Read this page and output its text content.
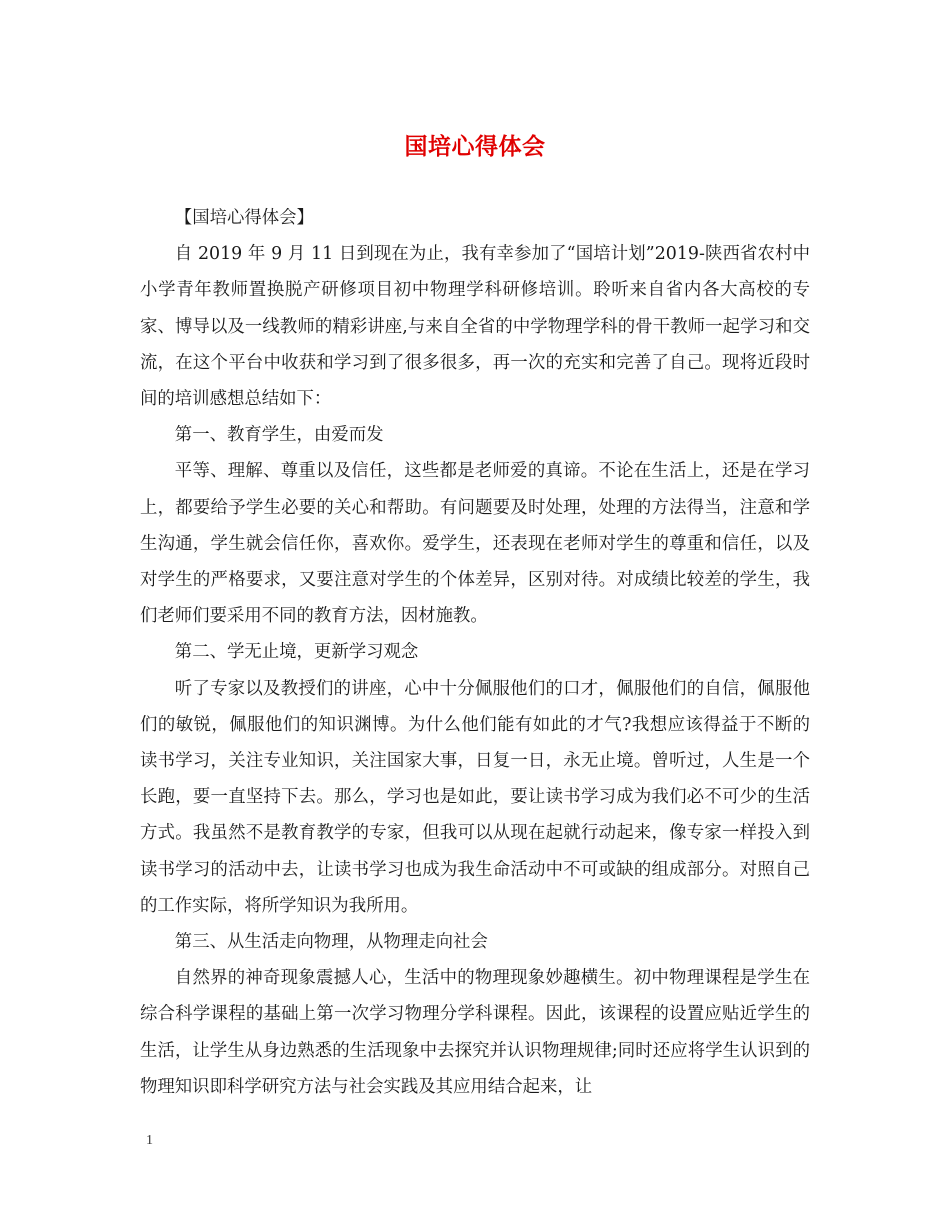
国培心得体会

【国培心得体会】

自 2019 年 9 月 11 日到现在为止，我有幸参加了“国培计划”2019-陕西省农村中小学青年教师置换脱产研修项目初中物理学科研修培训。聆听来自省内各大高校的专家、博导以及一线教师的精彩讲座,与来自全省的中学物理学科的骨干教师一起学习和交流，在这个平台中收获和学习到了很多很多，再一次的充实和完善了自己。现将近段时间的培训感想总结如下：

第一、教育学生，由爱而发

平等、理解、尊重以及信任，这些都是老师爱的真谛。不论在生活上，还是在学习上，都要给予学生必要的关心和帮助。有问题要及时处理，处理的方法得当，注意和学生沟通，学生就会信任你，喜欢你。爱学生，还表现在老师对学生的尊重和信任，以及对学生的严格要求，又要注意对学生的个体差异，区别对待。对成绩比较差的学生，我们老师们要采用不同的教育方法，因材施教。

第二、学无止境，更新学习观念

听了专家以及教授们的讲座，心中十分佩服他们的口才，佩服他们的自信，佩服他们的敏锐，佩服他们的知识渊博。为什么他们能有如此的才气?我想应该得益于不断的读书学习，关注专业知识，关注国家大事，日复一日，永无止境。曾听过，人生是一个长跑，要一直坚持下去。那么，学习也是如此，要让读书学习成为我们必不可少的生活方式。我虽然不是教育教学的专家，但我可以从现在起就行动起来，像专家一样投入到读书学习的活动中去，让读书学习也成为我生命活动中不可或缺的组成部分。对照自己的工作实际，将所学知识为我所用。

第三、从生活走向物理，从物理走向社会

自然界的神奇现象震撼人心，生活中的物理现象妙趣横生。初中物理课程是学生在综合科学课程的基础上第一次学习物理分学科课程。因此，该课程的设置应贴近学生的生活，让学生从身边熟悉的生活现象中去探究并认识物理规律;同时还应将学生认识到的物理知识即科学研究方法与社会实践及其应用结合起来，让

1
